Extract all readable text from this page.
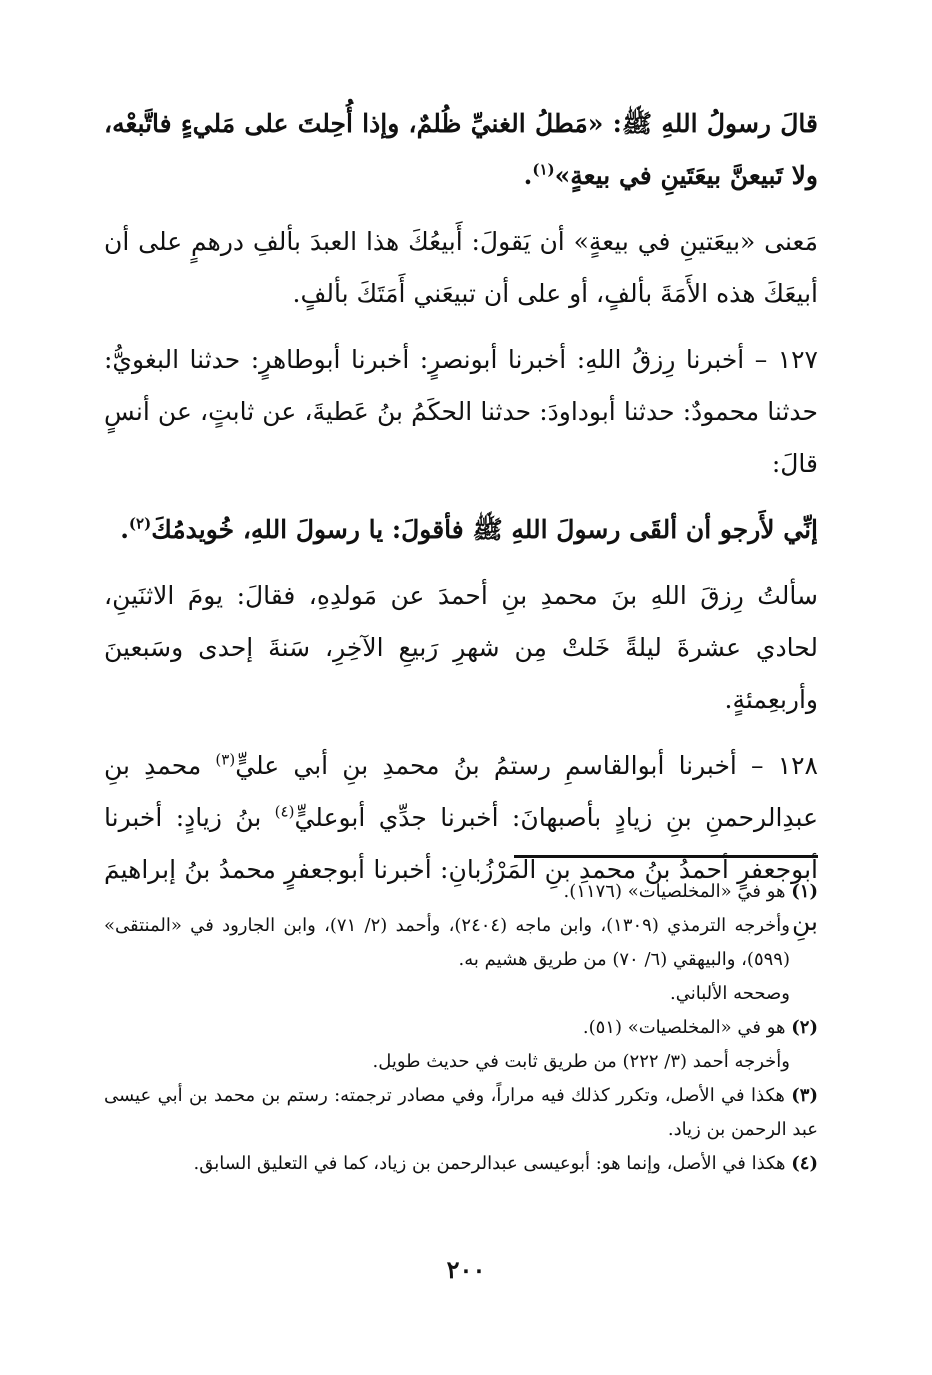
قالَ رسولُ اللهِ ﷺ: «مَطلُ الغنيِّ ظُلمٌ، وإذا أُحِلتَ على مَليءٍ فاتَّبعْه، ولا تَبيعنَّ بيعَتَينِ في بيعةٍ»$^{(١)}$.

مَعنى «بيعَتينِ في بيعةٍ» أن يَقولَ: أَبيعُكَ هذا العبدَ بألفِ درهمٍ على أن أبيعَكَ هذه الأَمَةَ بألفٍ، أو على أن تبيعَني أَمَتَكَ بألفٍ.

١٢٧ – أخبرنا رِزقُ اللهِ: أخبرنا أبونصرٍ: أخبرنا أبوطاهرٍ: حدثنا البغويُّ: حدثنا محمودٌ: حدثنا أبوداودَ: حدثنا الحكَمُ بنُ عَطيةَ، عن ثابتٍ، عن أنسٍ قالَ:

إنِّي لأَرجو أن ألقَى رسولَ اللهِ ﷺ فأقولَ: يا رسولَ اللهِ، خُويدمُكَ$^{(٢)}$.

سألتُ رِزقَ اللهِ بنَ محمدِ بنِ أحمدَ عن مَولدِهِ، فقالَ: يومَ الاثنَينِ، لحادي عشرةَ ليلةً خَلتْ مِن شهرِ رَبيعِ الآخِرِ، سَنةَ إحدى وسَبعينَ وأربعِمئةٍ.

١٢٨ – أخبرنا أبوالقاسمِ رستمُ بنُ محمدِ بنِ أبي عليٍّ$^{(٣)}$ محمدِ بنِ عبدِالرحمنِ بنِ زيادٍ بأصبهانَ: أخبرنا جدِّي أبوعليٍّ$^{(٤)}$ بنُ زيادٍ: أخبرنا أبوجعفرٍ أحمدُ بنُ محمدِ بنِ المَرْزُبانِ: أخبرنا أبوجعفرٍ محمدُ بنُ إبراهيمَ بنِ

(١) هو في «المخلصيات» (١١٧٦).

وأخرجه الترمذي (١٣٠٩)، وابن ماجه (٢٤٠٤)، وأحمد (٢/ ٧١)، وابن الجارود في «المنتقى» (٥٩٩)، والبيهقي (٦/ ٧٠) من طريق هشيم به.

وصححه الألباني.

(٢) هو في «المخلصيات» (٥١).

وأخرجه أحمد (٣/ ٢٢٢) من طريق ثابت في حديث طويل.

(٣) هكذا في الأصل، وتكرر كذلك فيه مراراً، وفي مصادر ترجمته: رستم بن محمد بن أبي عيسى عبد الرحمن بن زياد.

(٤) هكذا في الأصل، وإنما هو: أبوعيسى عبدالرحمن بن زياد، كما في التعليق السابق.

٢٠٠
